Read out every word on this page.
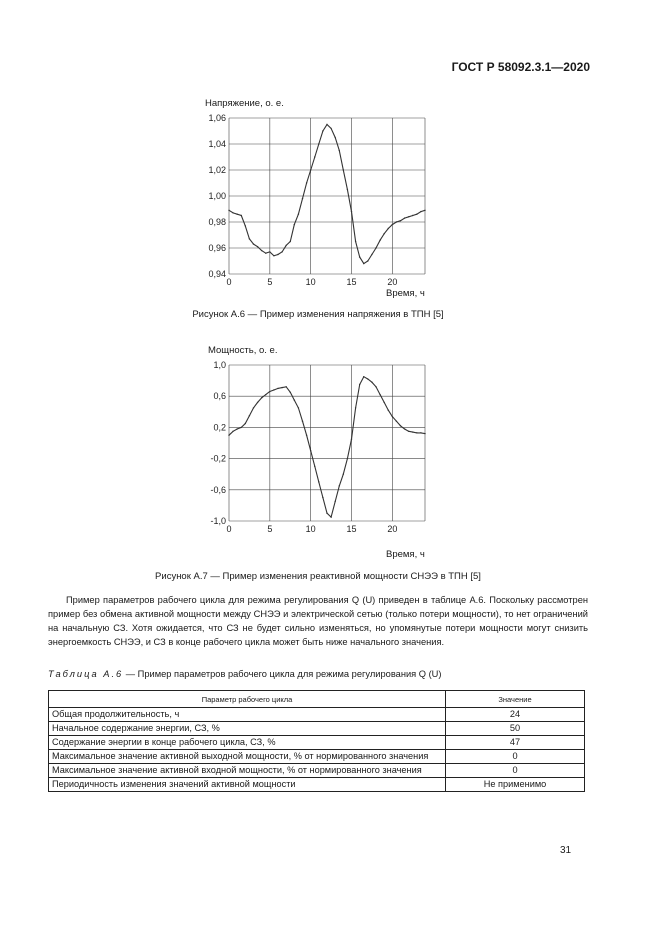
ГОСТ Р 58092.3.1—2020
Напряжение, о. е.
1,06
1,04
1,02
1,00
0,98
0,96
0,94
0	5	10	15	20
Время, ч
Рисунок А.6 — Пример изменения напряжения в ТПН [5]
Мощность, о. е.
1,0
0,6
0,2
-0,2
-0,6
-1,0
0	5	10	15	20
Время, ч
Рисунок А.7 — Пример изменения реактивной мощности СНЭЭ в ТПН [5]
Пример параметров рабочего цикла для режима регулирования Q (U) приведен в таблице А.6. Поскольку рассмотрен пример без обмена активной мощности между СНЭЭ и электрической сетью (только потери мощности), то нет ограничений на начальную СЗ. Хотя ожидается, что СЗ не будет сильно изменяться, но упомянутые потери мощности могут снизить энергоемкость СНЭЭ, и СЗ в конце рабочего цикла может быть ниже начального значения.
Таблица А.6 — Пример параметров рабочего цикла для режима регулирования Q (U)
Параметр рабочего цикла	Значение
Общая продолжительность, ч	24
Начальное содержание энергии, СЗ, %	50
Содержание энергии в конце рабочего цикла, СЗ, %	47
Максимальное значение активной выходной мощности, % от нормированного значения	0
Максимальное значение активной входной мощности, % от нормированного значения	0
Периодичность изменения значений активной мощности	Не применимо
31
